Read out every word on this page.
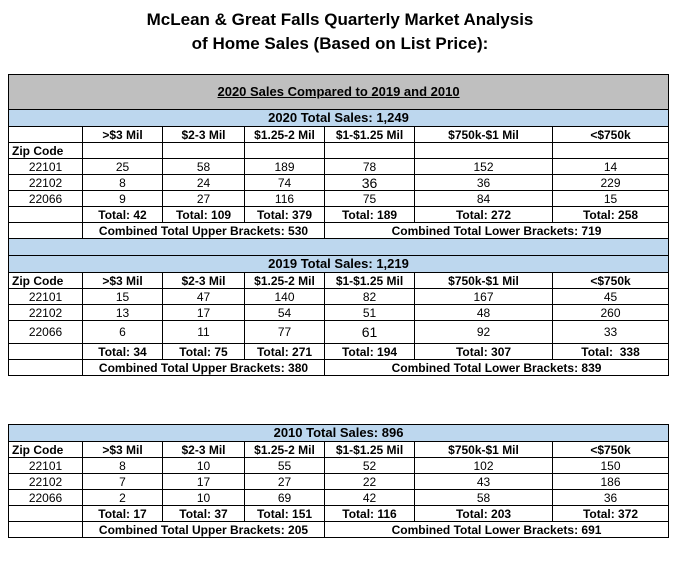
McLean & Great Falls Quarterly Market Analysis
of Home Sales (Based on List Price):
2020 Sales Compared to 2019 and 2010						
2020 Total Sales: 1,249						
	>$3 Mil	$2-3 Mil	$1.25-2 Mil	$1-$1.25 Mil	$750k-$1 Mil	<$750k
Zip Code						
22101	25	58	189	78	152	14
22102	8	24	74	36	36	229
22066	9	27	116	75	84	15
	Total: 42	Total: 109	Total: 379	Total: 189	Total: 272	Total: 258
	Combined Total Upper Brackets: 530			Combined Total Lower Brackets: 719		

2019 Total Sales: 1,219						
Zip Code	>$3 Mil	$2-3 Mil	$1.25-2 Mil	$1-$1.25 Mil	$750k-$1 Mil	<$750k
22101	15	47	140	82	167	45
22102	13	17	54	51	48	260
22066	6	11	77	61	92	33
	Total: 34	Total: 75	Total: 271	Total: 194	Total: 307	Total:  338
	Combined Total Upper Brackets: 380			Combined Total Lower Brackets: 839		
2010 Total Sales: 896						
Zip Code	>$3 Mil	$2-3 Mil	$1.25-2 Mil	$1-$1.25 Mil	$750k-$1 Mil	<$750k
22101	8	10	55	52	102	150
22102	7	17	27	22	43	186
22066	2	10	69	42	58	36
	Total: 17	Total: 37	Total: 151	Total: 116	Total: 203	Total: 372
	Combined Total Upper Brackets: 205			Combined Total Lower Brackets: 691		
